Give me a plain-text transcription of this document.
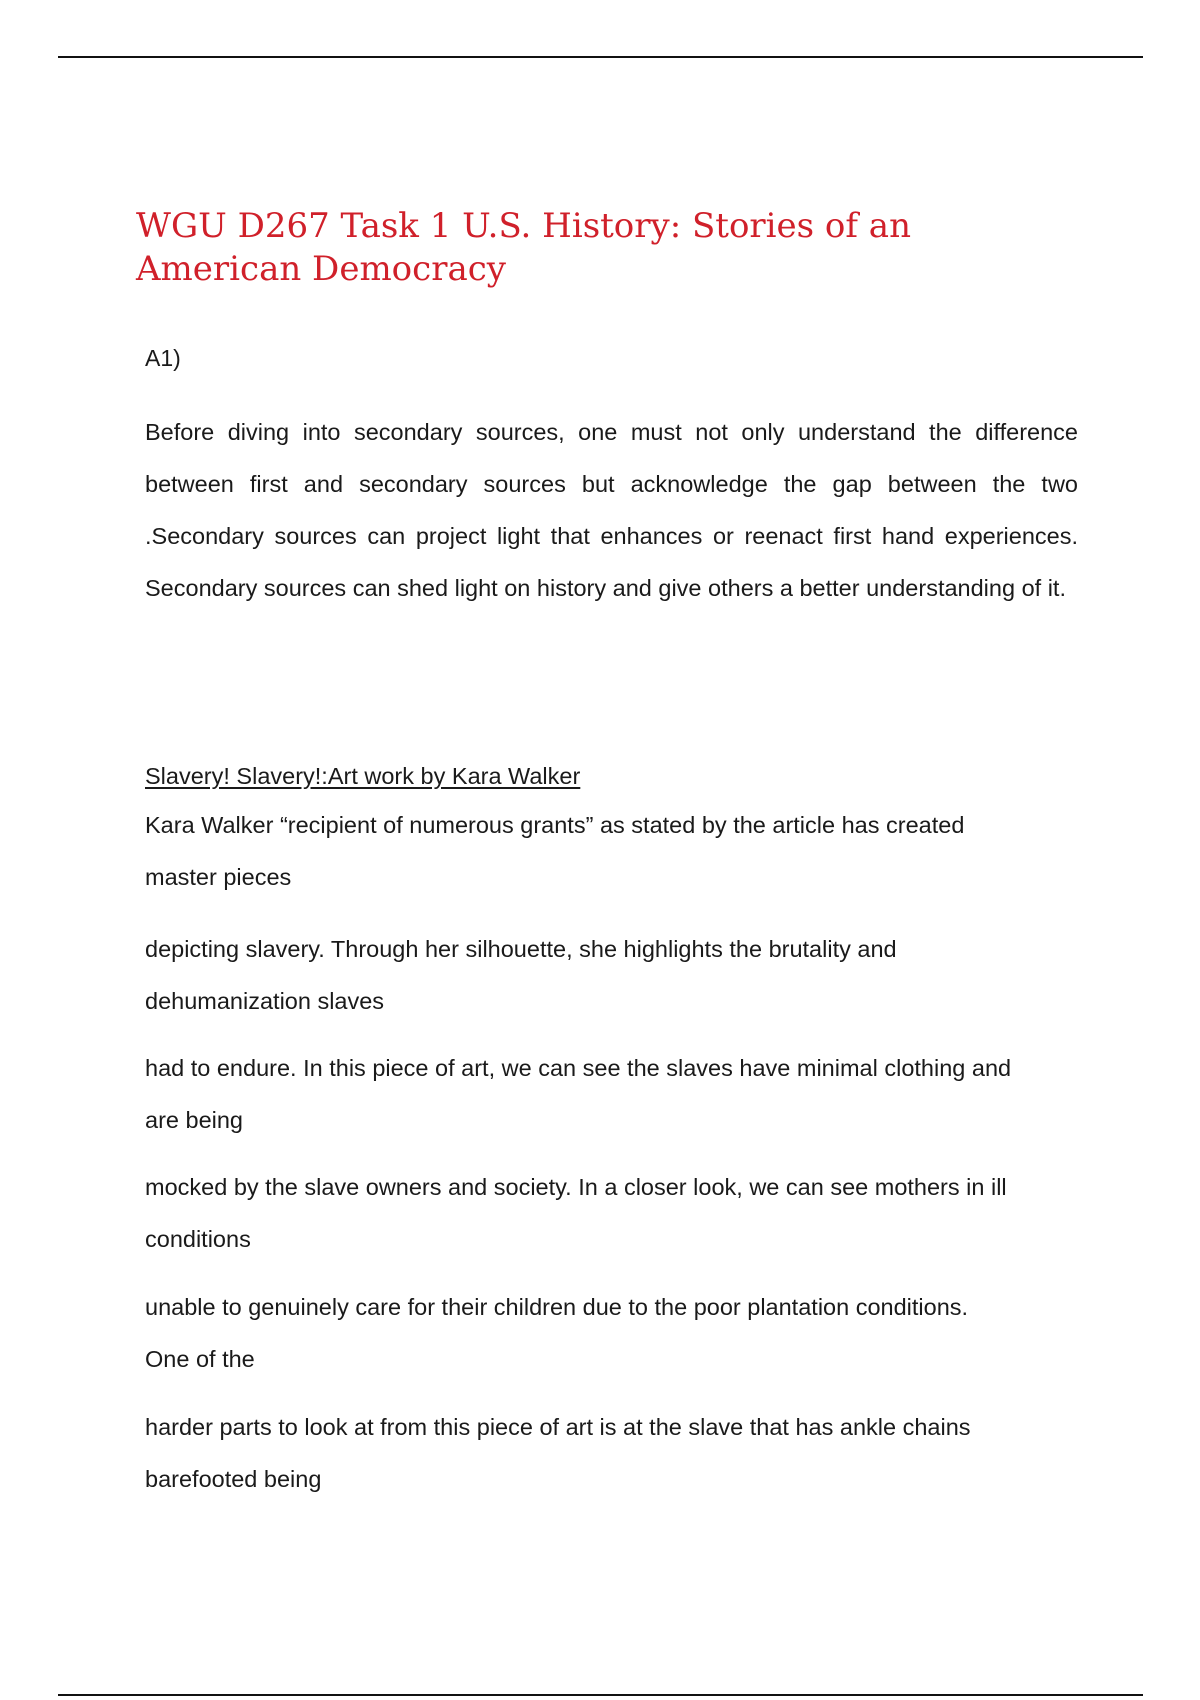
WGU D267 Task 1 U.S. History: Stories of an American Democracy

A1)

Before diving into secondary sources, one must not only understand the difference between first and secondary sources but acknowledge the gap between the two .Secondary sources can project light that enhances or reenact first hand experiences. Secondary sources can shed light on history and give others a better understanding of it.

Slavery! Slavery!:Art work by Kara Walker

Kara Walker “recipient of numerous grants” as stated by the article has created

master pieces

depicting slavery. Through her silhouette, she highlights the brutality and

dehumanization slaves

had to endure. In this piece of art, we can see the slaves have minimal clothing and

are being

mocked by the slave owners and society. In a closer look, we can see mothers in ill

conditions

unable to genuinely care for their children due to the poor plantation conditions.

One of the

harder parts to look at from this piece of art is at the slave that has ankle chains

barefooted being
